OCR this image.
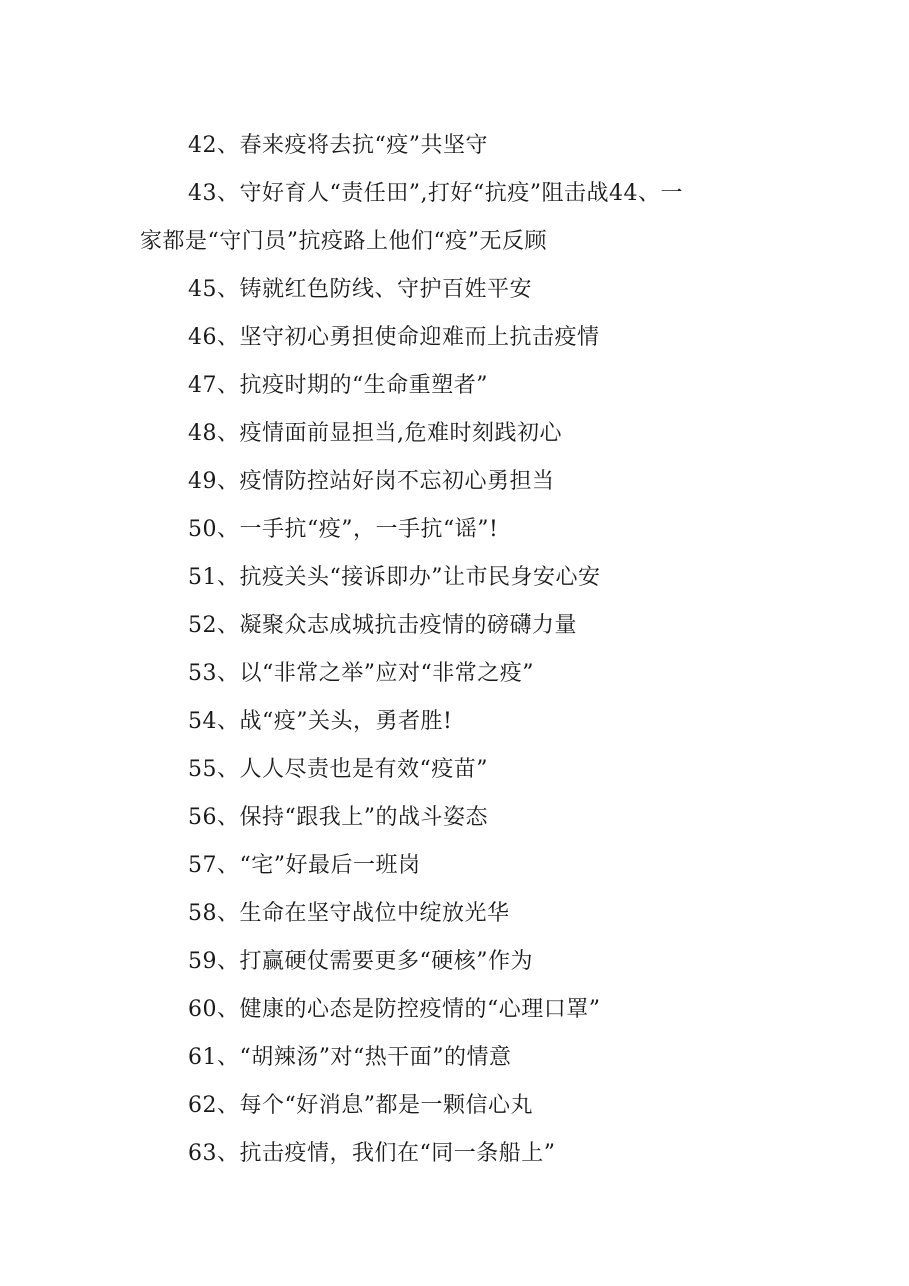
42、春来疫将去抗“疫”共坚守
43、守好育人“责任田”,打好“抗疫”阻击战44、一
家都是“守门员”抗疫路上他们“疫”无反顾
45、铸就红色防线、守护百姓平安
46、坚守初心勇担使命迎难而上抗击疫情
47、抗疫时期的“生命重塑者”
48、疫情面前显担当,危难时刻践初心
49、疫情防控站好岗不忘初心勇担当
50、一手抗“疫”，一手抗“谣”!
51、抗疫关头“接诉即办”让市民身安心安
52、凝聚众志成城抗击疫情的磅礴力量
53、以“非常之举”应对“非常之疫”
54、战“疫”关头，勇者胜!
55、人人尽责也是有效“疫苗”
56、保持“跟我上”的战斗姿态
57、“宅”好最后一班岗
58、生命在坚守战位中绽放光华
59、打赢硬仗需要更多“硬核”作为
60、健康的心态是防控疫情的“心理口罩”
61、“胡辣汤”对“热干面”的情意
62、每个“好消息”都是一颗信心丸
63、抗击疫情，我们在“同一条船上”
